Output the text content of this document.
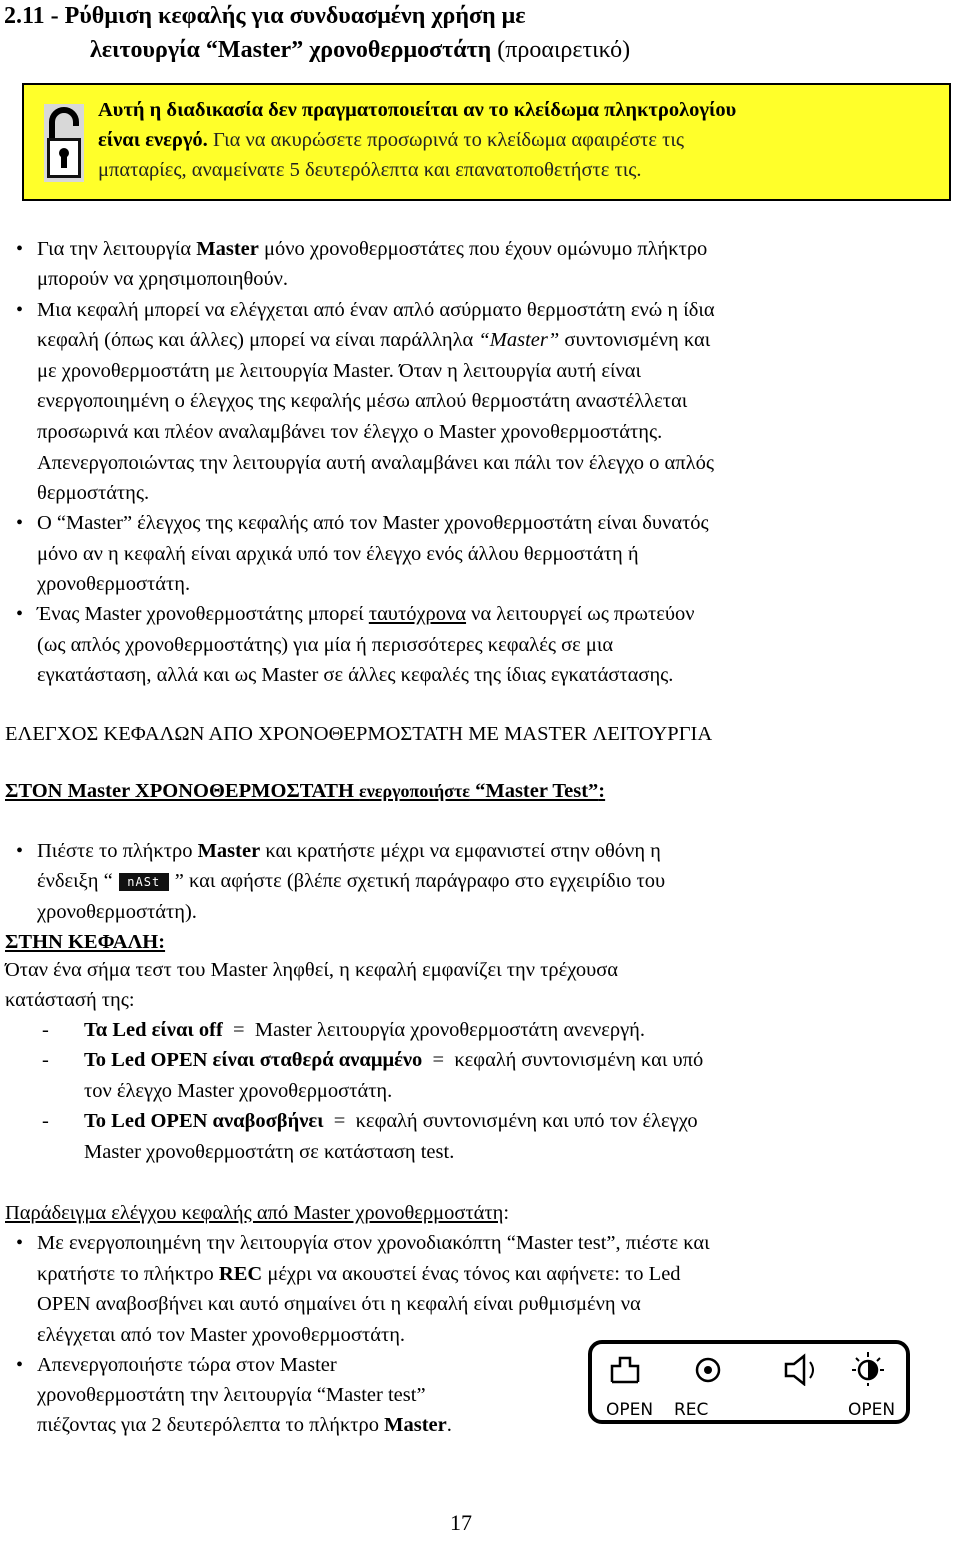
2.11 - Ρύθμιση κεφαλής για συνδυασμένη χρήση με
λειτουργία “Master” χρονοθερμοστάτη (προαιρετικό)
Αυτή η διαδικασία δεν πραγματοποιείται αν το κλείδωμα πληκτρολογίου
είναι ενεργό. Για να ακυρώσετε προσωρινά το κλείδωμα αφαιρέστε τις
μπαταρίες, αναμείνατε 5 δευτερόλεπτα και επανατοποθετήστε τις.
• Για την λειτουργία Master μόνο χρονοθερμοστάτες που έχουν ομώνυμο πλήκτρο
μπορούν να χρησιμοποιηθούν.
• Μια κεφαλή μπορεί να ελέγχεται από έναν απλό ασύρματο θερμοστάτη ενώ η ίδια
κεφαλή (όπως και άλλες) μπορεί να είναι παράλληλα “Master” συντονισμένη και
με χρονοθερμοστάτη με λειτουργία Master. Όταν η λειτουργία αυτή είναι
ενεργοποιημένη ο έλεγχος της κεφαλής μέσω απλού θερμοστάτη αναστέλλεται
προσωρινά και πλέον αναλαμβάνει τον έλεγχο ο Master χρονοθερμοστάτης.
Απενεργοποιώντας την λειτουργία αυτή αναλαμβάνει και πάλι τον έλεγχο ο απλός
θερμοστάτης.
• Ο “Master” έλεγχος της κεφαλής από τον Master χρονοθερμοστάτη είναι δυνατός
μόνο αν η κεφαλή είναι αρχικά υπό τον έλεγχο ενός άλλου θερμοστάτη ή
χρονοθερμοστάτη.
• Ένας Master χρονοθερμοστάτης μπορεί ταυτόχρονα να λειτουργεί ως πρωτεύον
(ως απλός χρονοθερμοστάτης) για μία ή περισσότερες κεφαλές σε μια
εγκατάσταση, αλλά και ως Master σε άλλες κεφαλές της ίδιας εγκατάστασης.
ΕΛΕΓΧΟΣ ΚΕΦΑΛΩΝ ΑΠΟ ΧΡΟΝΟΘΕΡΜΟΣΤΑΤΗ ΜΕ MASTER ΛΕΙΤΟΥΡΓΙΑ
ΣΤΟΝ Master ΧΡΟΝΟΘΕΡΜΟΣΤΑΤΗ ενεργοποιήστε “Master Test”:
• Πιέστε το πλήκτρο Master και κρατήστε μέχρι να εμφανιστεί στην οθόνη η
ένδειξη “ nASt ” και αφήστε (βλέπε σχετική παράγραφο στο εγχειρίδιο του
χρονοθερμοστάτη).
ΣΤΗΝ ΚΕΦΑΛΗ:
Όταν ένα σήμα τεστ του Master ληφθεί, η κεφαλή εμφανίζει την τρέχουσα
κατάστασή της:
- Τα Led είναι off  =  Master λειτουργία χρονοθερμοστάτη ανενεργή.
- Το Led OPEN είναι σταθερά αναμμένο  =  κεφαλή συντονισμένη και υπό
τον έλεγχο Master χρονοθερμοστάτη.
- Το Led OPEN αναβοσβήνει  =  κεφαλή συντονισμένη και υπό τον έλεγχο
Master χρονοθερμοστάτη σε κατάσταση test.
Παράδειγμα ελέγχου κεφαλής από Master χρονοθερμοστάτη:
• Με ενεργοποιημένη την λειτουργία στον χρονοδιακόπτη “Master test”, πιέστε και
κρατήστε το πλήκτρο REC μέχρι να ακουστεί ένας τόνος και αφήνετε: το Led
OPEN αναβοσβήνει και αυτό σημαίνει ότι η κεφαλή είναι ρυθμισμένη να
ελέγχεται από τον Master χρονοθερμοστάτη.
• Απενεργοποιήστε τώρα στον Master
χρονοθερμοστάτη την λειτουργία “Master test”
πιέζοντας για 2 δευτερόλεπτα το πλήκτρο Master.
OPEN REC	OPEN
17
